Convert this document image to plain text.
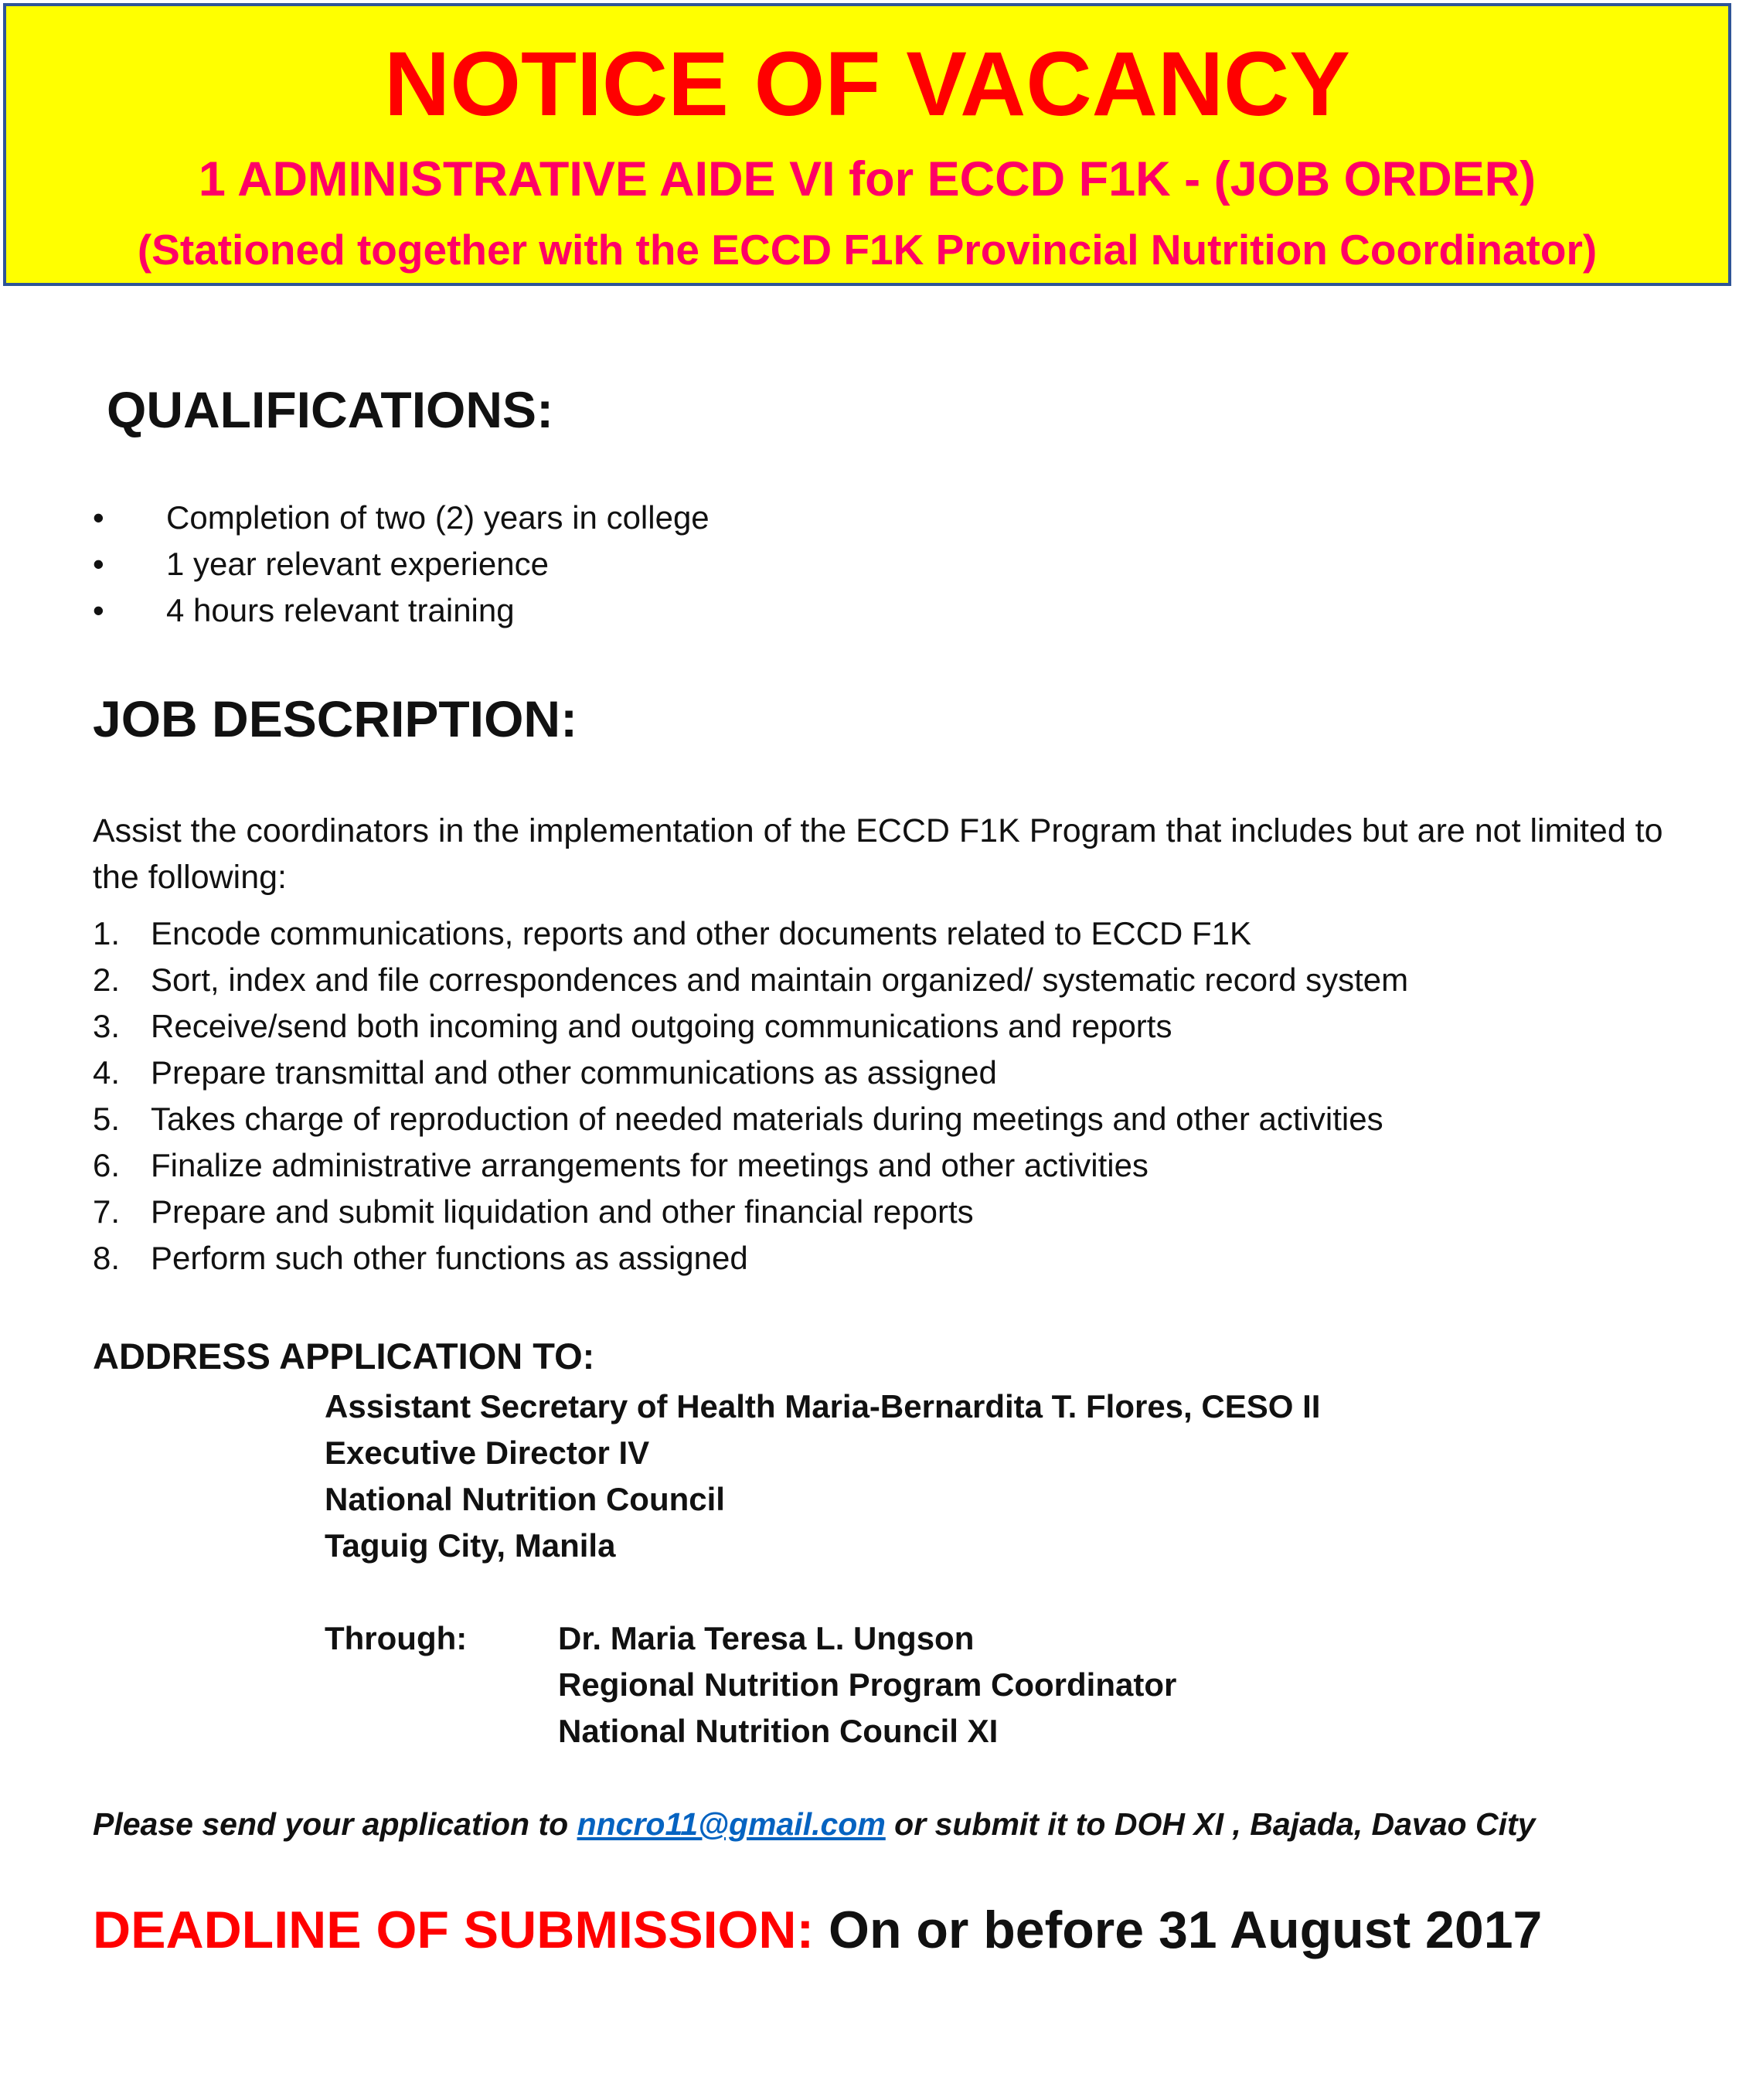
NOTICE OF VACANCY
1 ADMINISTRATIVE AIDE VI for ECCD F1K - (JOB ORDER)
(Stationed together with the ECCD F1K Provincial Nutrition Coordinator)
QUALIFICATIONS:
• Completion of two (2) years in college
• 1 year relevant experience
• 4 hours relevant training
JOB DESCRIPTION:
Assist the coordinators in the implementation of the ECCD F1K Program that includes but are not limited to the following:
1. Encode communications, reports and other documents related to ECCD F1K
2. Sort, index and file correspondences and maintain organized/ systematic record system
3. Receive/send both incoming and outgoing communications and reports
4. Prepare transmittal and other communications as assigned
5. Takes charge of reproduction of needed materials during meetings and other activities
6. Finalize administrative arrangements for meetings and other activities
7. Prepare and submit liquidation and other financial reports
8. Perform such other functions as assigned
ADDRESS APPLICATION TO:
Assistant Secretary of Health Maria-Bernardita T. Flores, CESO II
Executive Director IV
National Nutrition Council
Taguig City, Manila
Through:	Dr. Maria Teresa L. Ungson
Regional Nutrition Program Coordinator
National Nutrition Council XI
Please send your application to nncro11@gmail.com or submit it to DOH XI , Bajada, Davao City
DEADLINE OF SUBMISSION: On or before 31 August 2017
